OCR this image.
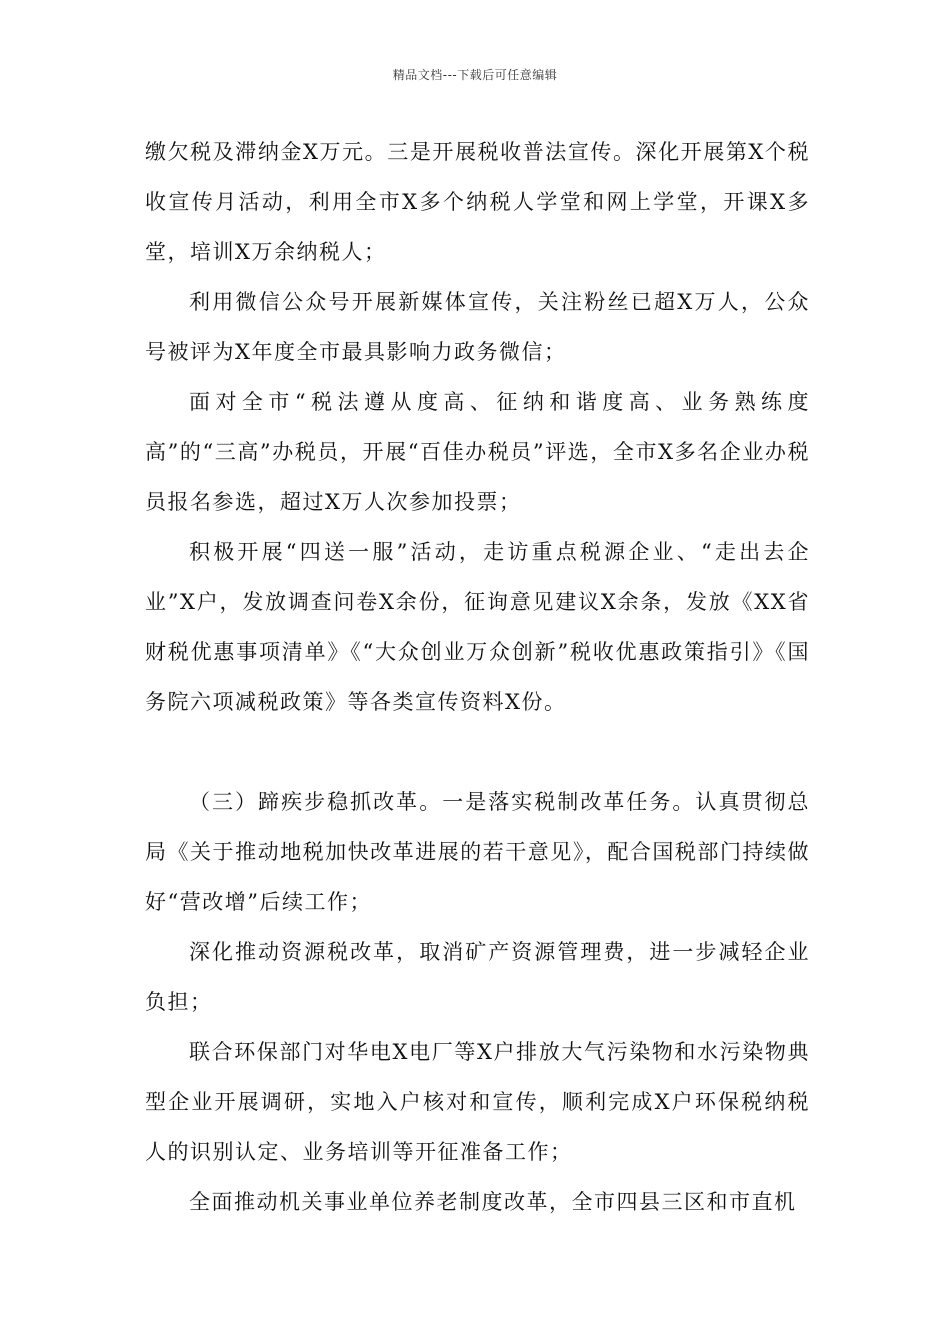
精品文档---下载后可任意编辑

缴欠税及滞纳金X万元。三是开展税收普法宣传。深化开展第X个税收宣传月活动，利用全市X多个纳税人学堂和网上学堂，开课X多堂，培训X万余纳税人；

利用微信公众号开展新媒体宣传，关注粉丝已超X万人，公众号被评为X年度全市最具影响力政务微信；

面对全市“税法遵从度高、征纳和谐度高、业务熟练度高”的“三高”办税员，开展“百佳办税员”评选，全市X多名企业办税员报名参选，超过X万人次参加投票；

积极开展“四送一服”活动，走访重点税源企业、“走出去企业”X户，发放调查问卷X余份，征询意见建议X余条，发放《XX省财税优惠事项清单》《“大众创业万众创新”税收优惠政策指引》《国务院六项减税政策》等各类宣传资料X份。

（三）蹄疾步稳抓改革。一是落实税制改革任务。认真贯彻总局《关于推动地税加快改革进展的若干意见》，配合国税部门持续做好“营改增”后续工作；

深化推动资源税改革，取消矿产资源管理费，进一步减轻企业负担；

联合环保部门对华电X电厂等X户排放大气污染物和水污染物典型企业开展调研，实地入户核对和宣传，顺利完成X户环保税纳税人的识别认定、业务培训等开征准备工作；

全面推动机关事业单位养老制度改革，全市四县三区和市直机
